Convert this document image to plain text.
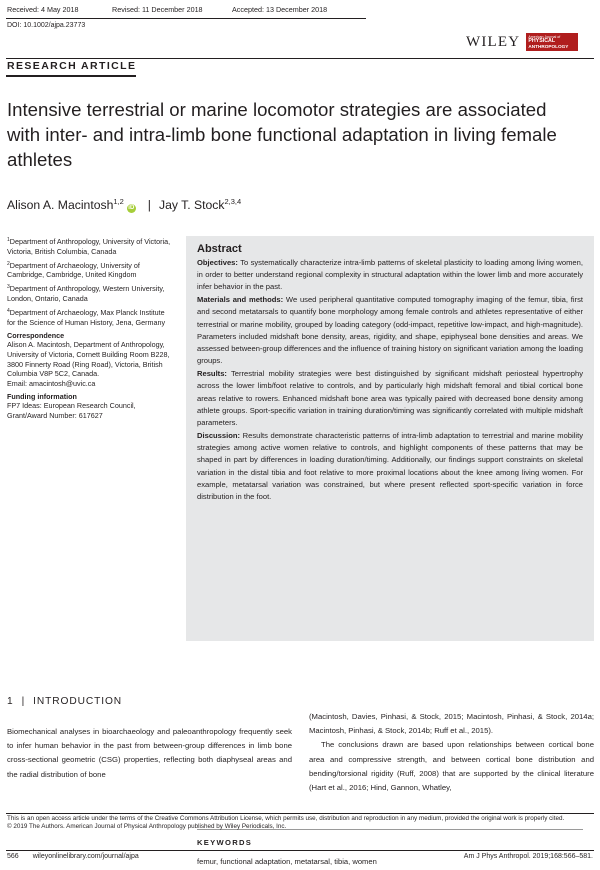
Received: 4 May 2018	Revised: 11 December 2018	Accepted: 13 December 2018
DOI: 10.1002/ajpa.23773
WILEY American Journal of
PHYSICAL
ANTHROPOLOGY
RESEARCH ARTICLE
Intensive terrestrial or marine locomotor strategies are associated with inter- and intra-limb bone functional adaptation in living female athletes
Alison A. Macintosh$^{1,2}$iD | Jay T. Stock$^{2,3,4}$

$^1$Department of Anthropology, University of Victoria, Victoria, British Columbia, Canada

$^2$Department of Archaeology, University of Cambridge, Cambridge, United Kingdom

$^3$Department of Anthropology, Western University, London, Ontario, Canada

$^4$Department of Archaeology, Max Planck Institute for the Science of Human History, Jena, Germany

Correspondence

Alison A. Macintosh, Department of Anthropology, University of Victoria, Cornett Building Room B228, 3800 Finnerty Road (Ring Road), Victoria, British Columbia V8P 5C2, Canada.

Email: amacintosh@uvic.ca

Funding information

FP7 Ideas: European Research Council, Grant/Award Number: 617627

Abstract

Objectives: To systematically characterize intra-limb patterns of skeletal plasticity to loading among living women, in order to better understand regional complexity in structural adaptation within the lower limb and more accurately infer behavior in the past.

Materials and methods: We used peripheral quantitative computed tomography imaging of the femur, tibia, first and second metatarsals to quantify bone morphology among female controls and athletes representative of either terrestrial or marine mobility, grouped by loading category (odd-impact, repetitive low-impact, and high-magnitude). Parameters included midshaft bone density, areas, rigidity, and shape, epiphyseal bone densities and areas. We assessed between-group differences and the influence of training history on significant variation among the loading groups.

Results: Terrestrial mobility strategies were best distinguished by significant midshaft periosteal hypertrophy across the lower limb/foot relative to controls, and by particularly high midshaft femoral and tibial cortical bone areas relative to rowers. Enhanced midshaft bone area was typically paired with decreased bone density among athlete groups. Sport-specific variation in training duration/timing was significantly correlated with multiple midshaft parameters.

Discussion: Results demonstrate characteristic patterns of intra-limb adaptation to terrestrial and marine mobility strategies among active women relative to controls, and highlight components of these patterns that may be shaped in part by differences in loading duration/timing. Additionally, our findings support constraints on skeletal variation in the distal tibia and foot relative to more proximal locations about the knee among living women. For example, metatarsal variation was constrained, but where present reflected sport-specific variation in force distribution in the foot.

KEYWORDS
femur, functional adaptation, metatarsal, tibia, women
1 | INTRODUCTION

Biomechanical analyses in bioarchaeology and paleoanthropology frequently seek to infer human behavior in the past from between-group differences in limb bone cross-sectional geometric (CSG) properties, reflecting both diaphyseal areas and the radial distribution of bone

(Macintosh, Davies, Pinhasi, & Stock, 2015; Macintosh, Pinhasi, & Stock, 2014a; Macintosh, Pinhasi, & Stock, 2014b; Ruff et al., 2015).

The conclusions drawn are based upon relationships between cortical bone area and compressive strength, and between cortical bone distribution and bending/torsional rigidity (Ruff, 2008) that are supported by the clinical literature (Hart et al., 2016; Hind, Gannon, Whatley,

This is an open access article under the terms of the Creative Commons Attribution License, which permits use, distribution and reproduction in any medium, provided the original work is properly cited.

© 2019 The Authors. American Journal of Physical Anthropology published by Wiley Periodicals, Inc.

566 wileyonlinelibrary.com/journal/ajpa	Am J Phys Anthropol. 2019;168:566–581.
